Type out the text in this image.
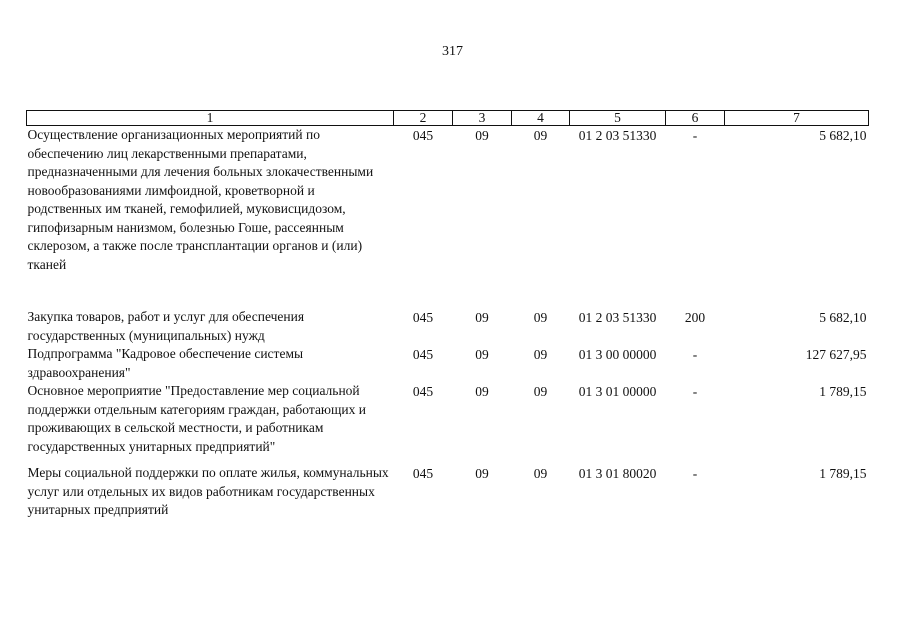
317
1	2	3	4	5	6	7
Осуществление организационных мероприятий по обеспечению лиц лекарственными препаратами, предназначенными для лечения больных злокачественными новообразованиями лимфоидной, кроветворной и родственных им тканей, гемофилией, муковисцидозом, гипофизарным нанизмом, болезнью Гоше, рассеянным склерозом, а также после трансплантации органов и (или) тканей	045	09	09	01 2 03 51330	-	5 682,10
Закупка товаров, работ и услуг для обеспечения государственных (муниципальных) нужд	045	09	09	01 2 03 51330	200	5 682,10
Подпрограмма "Кадровое обеспечение системы здравоохранения"	045	09	09	01 3 00 00000	-	127 627,95
Основное мероприятие "Предоставление мер социальной поддержки отдельным категориям граждан, работающих и проживающих в сельской местности, и работникам государственных унитарных предприятий"	045	09	09	01 3 01 00000	-	1 789,15
Меры социальной поддержки по оплате жилья, коммунальных услуг или отдельных их видов работникам государственных унитарных предприятий	045	09	09	01 3 01 80020	-	1 789,15
